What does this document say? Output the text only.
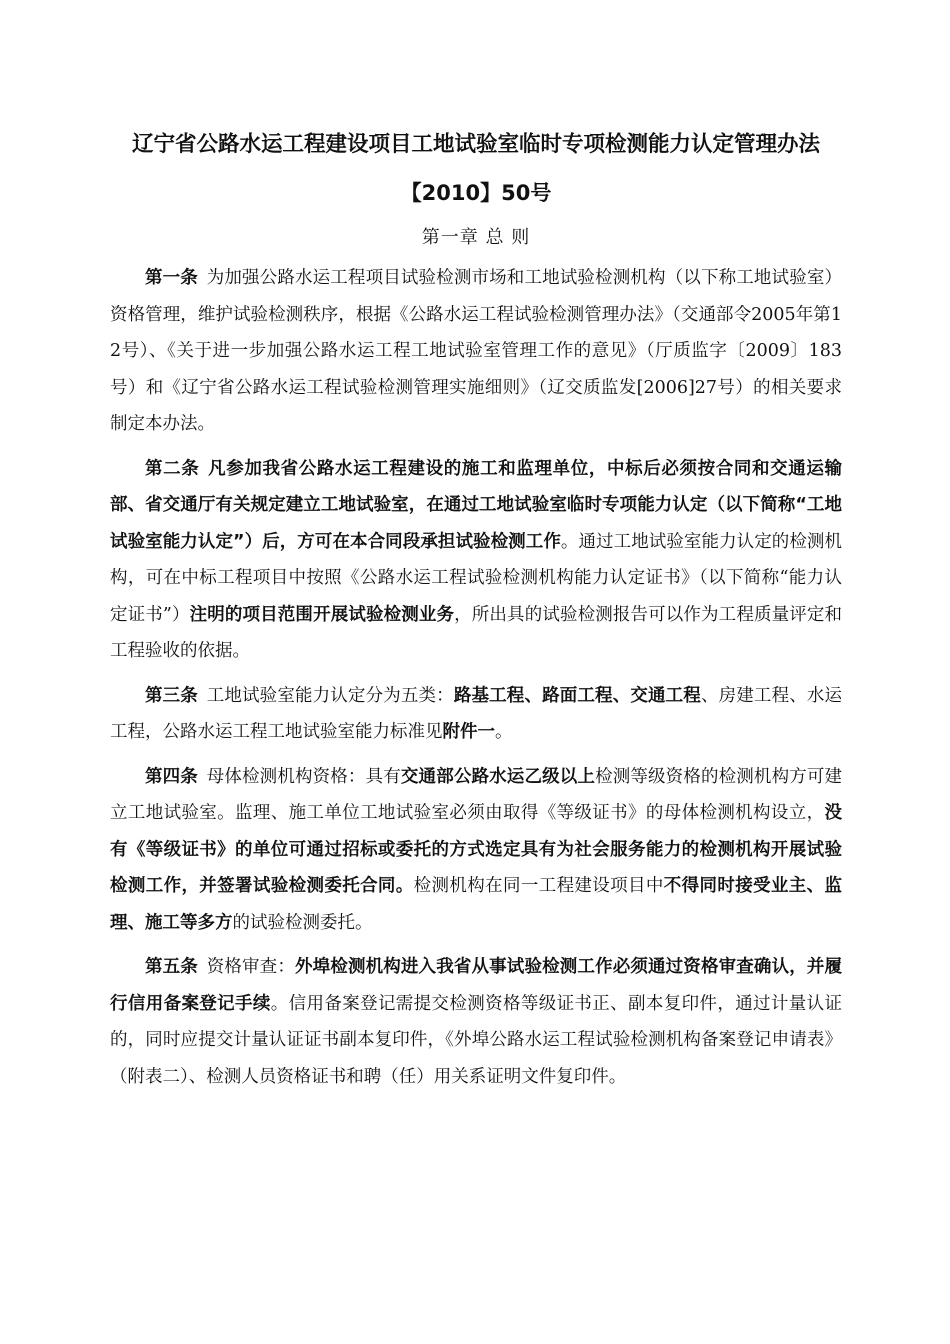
辽宁省公路水运工程建设项目工地试验室临时专项检测能力认定管理办法
【2010】50号
第一章 总 则

第一条 为加强公路水运工程项目试验检测市场和工地试验检测机构（以下称工地试验室）资格管理，维护试验检测秩序，根据《公路水运工程试验检测管理办法》（交通部令2005年第12号）、《关于进一步加强公路水运工程工地试验室管理工作的意见》（厅质监字〔2009〕183号）和《辽宁省公路水运工程试验检测管理实施细则》（辽交质监发[2006]27号）的相关要求制定本办法。

第二条 凡参加我省公路水运工程建设的施工和监理单位，中标后必须按合同和交通运输部、省交通厅有关规定建立工地试验室，在通过工地试验室临时专项能力认定（以下简称“工地试验室能力认定”）后，方可在本合同段承担试验检测工作。通过工地试验室能力认定的检测机构，可在中标工程项目中按照《公路水运工程试验检测机构能力认定证书》（以下简称“能力认定证书”）注明的项目范围开展试验检测业务，所出具的试验检测报告可以作为工程质量评定和工程验收的依据。

第三条 工地试验室能力认定分为五类：路基工程、路面工程、交通工程、房建工程、水运工程，公路水运工程工地试验室能力标准见附件一。

第四条 母体检测机构资格：具有交通部公路水运乙级以上检测等级资格的检测机构方可建立工地试验室。监理、施工单位工地试验室必须由取得《等级证书》的母体检测机构设立，没有《等级证书》的单位可通过招标或委托的方式选定具有为社会服务能力的检测机构开展试验检测工作，并签署试验检测委托合同。检测机构在同一工程建设项目中不得同时接受业主、监理、施工等多方的试验检测委托。

第五条 资格审查：外埠检测机构进入我省从事试验检测工作必须通过资格审查确认，并履行信用备案登记手续。信用备案登记需提交检测资格等级证书正、副本复印件，通过计量认证的，同时应提交计量认证证书副本复印件，《外埠公路水运工程试验检测机构备案登记申请表》（附表二）、检测人员资格证书和聘（任）用关系证明文件复印件。
